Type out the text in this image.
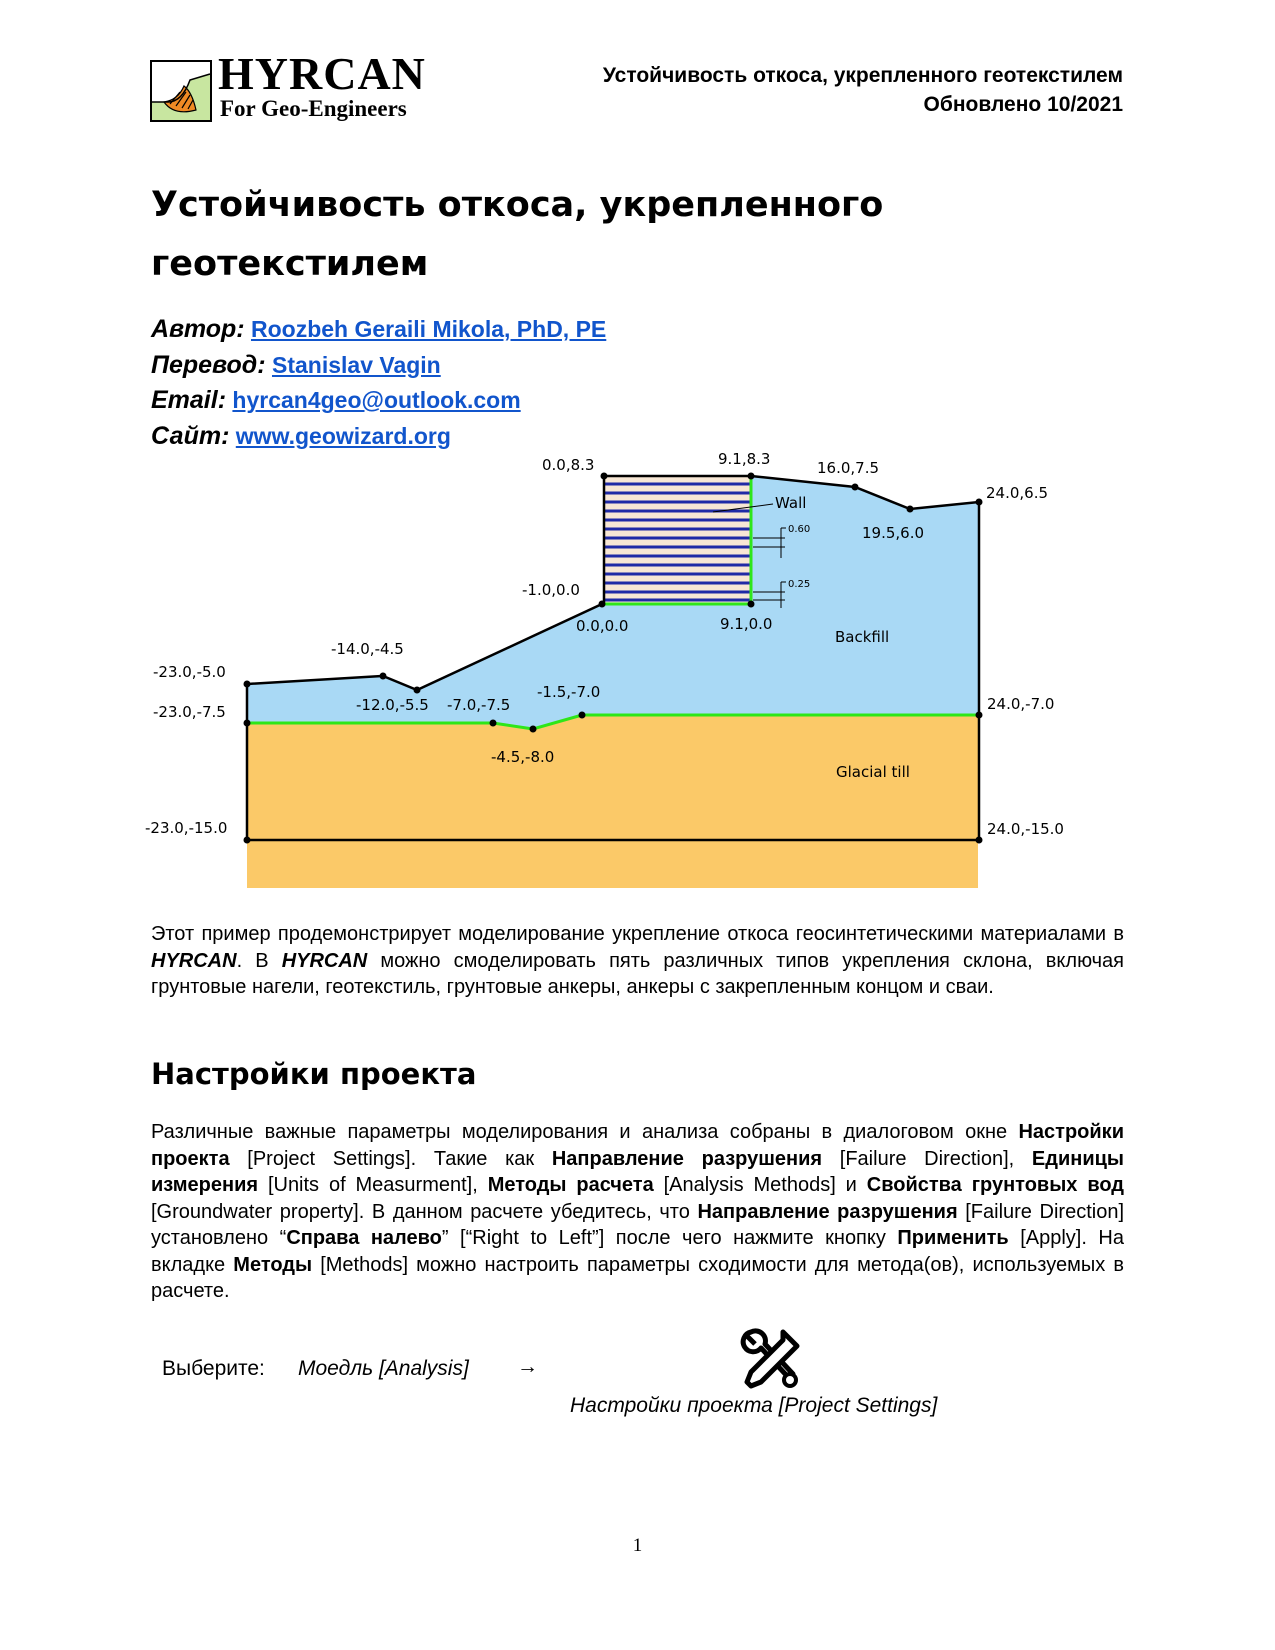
HYRCAN
For Geo-Engineers
Устойчивость откоса, укрепленного геотекстилем
Обновлено 10/2021
Устойчивость откоса, укрепленного геотекстилем
Автор: Roozbeh Geraili Mikola, PhD, PE
Перевод: Stanislav Vagin
Email: hyrcan4geo@outlook.com
Сайт: www.geowizard.org
0.60
0.25
Wall
Backfill
Glacial till
0.0,8.3	9.1,8.3	16.0,7.5
19.5,6.0
24.0,6.5
-1.0,0.0
0.0,0.0	9.1,0.0
-14.0,-4.5
-23.0,-5.0
-23.0,-7.5	-12.0,-5.5 -7.0,-7.5
-1.5,-7.0
-4.5,-8.0
24.0,-7.0
-23.0,-15.0	24.0,-15.0

Этот пример продемонстрирует моделирование укрепление откоса геосинтетическими материалами в HYRCAN. В HYRCAN можно смоделировать пять различных типов укрепления склона, включая грунтовые нагели, геотекстиль, грунтовые анкеры, анкеры с закрепленным концом и сваи.

Настройки проекта

Различные важные параметры моделирования и анализа собраны в диалоговом окне Настройки проекта [Project Settings]. Такие как Направление разрушения [Failure Direction], Единицы измерения [Units of Measurment], Методы расчета [Analysis Methods] и Свойства грунтовых вод [Groundwater property]. В данном расчете убедитесь, что Направление разрушения [Failure Direction] установлено “Справа налево” [“Right to Left”] после чего нажмите кнопку Применить [Apply]. На вкладке Методы [Methods] можно настроить параметры сходимости для метода(ов), используемых в расчете.

Выберите: Моедль [Analysis] →
Настройки проекта [Project Settings]
1
